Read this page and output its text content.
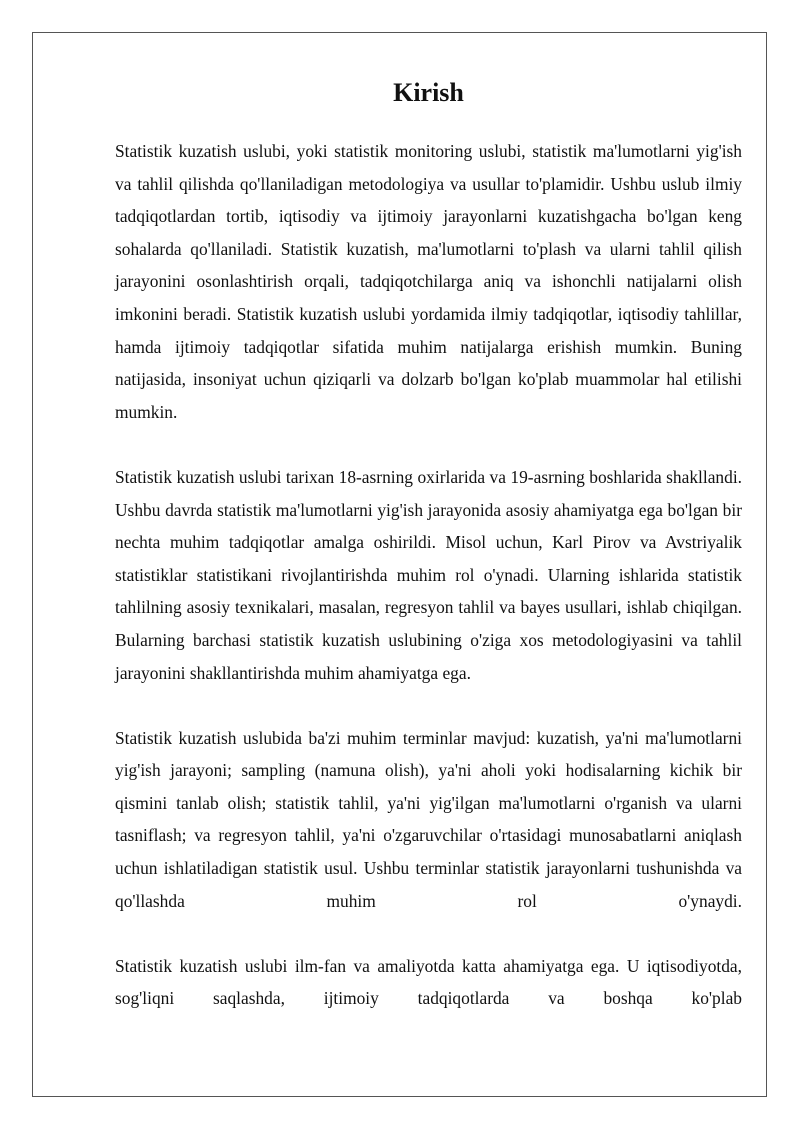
Kirish

Statistik kuzatish uslubi, yoki statistik monitoring uslubi, statistik ma'lumotlarni yig'ish va tahlil qilishda qo'llaniladigan metodologiya va usullar to'plamidir. Ushbu uslub ilmiy tadqiqotlardan tortib, iqtisodiy va ijtimoiy jarayonlarni kuzatishgacha bo'lgan keng sohalarda qo'llaniladi. Statistik kuzatish, ma'lumotlarni to'plash va ularni tahlil qilish jarayonini osonlashtirish orqali, tadqiqotchilarga aniq va ishonchli natijalarni olish imkonini beradi. Statistik kuzatish uslubi yordamida ilmiy tadqiqotlar, iqtisodiy tahlillar, hamda ijtimoiy tadqiqotlar sifatida muhim natijalarga erishish mumkin. Buning natijasida, insoniyat uchun qiziqarli va dolzarb bo'lgan ko'plab muammolar hal etilishi mumkin.

Statistik kuzatish uslubi tarixan 18-asrning oxirlarida va 19-asrning boshlarida shakllandi. Ushbu davrda statistik ma'lumotlarni yig'ish jarayonida asosiy ahamiyatga ega bo'lgan bir nechta muhim tadqiqotlar amalga oshirildi. Misol uchun, Karl Pirov va Avstriyalik statistiklar statistikani rivojlantirishda muhim rol o'ynadi. Ularning ishlarida statistik tahlilning asosiy texnikalari, masalan, regresyon tahlil va bayes usullari, ishlab chiqilgan. Bularning barchasi statistik kuzatish uslubining o'ziga xos metodologiyasini va tahlil jarayonini shakllantirishda muhim ahamiyatga ega.

Statistik kuzatish uslubida ba'zi muhim terminlar mavjud: kuzatish, ya'ni ma'lumotlarni yig'ish jarayoni; sampling (namuna olish), ya'ni aholi yoki hodisalarning kichik bir qismini tanlab olish; statistik tahlil, ya'ni yig'ilgan ma'lumotlarni o'rganish va ularni tasniflash; va regresyon tahlil, ya'ni o'zgaruvchilar o'rtasidagi munosabatlarni aniqlash uchun ishlatiladigan statistik usul. Ushbu terminlar statistik jarayonlarni tushunishda va qo'llashda muhim rol o'ynaydi.

Statistik kuzatish uslubi ilm-fan va amaliyotda katta ahamiyatga ega. U iqtisodiyotda, sog'liqni saqlashda, ijtimoiy tadqiqotlarda va boshqa ko'plab
